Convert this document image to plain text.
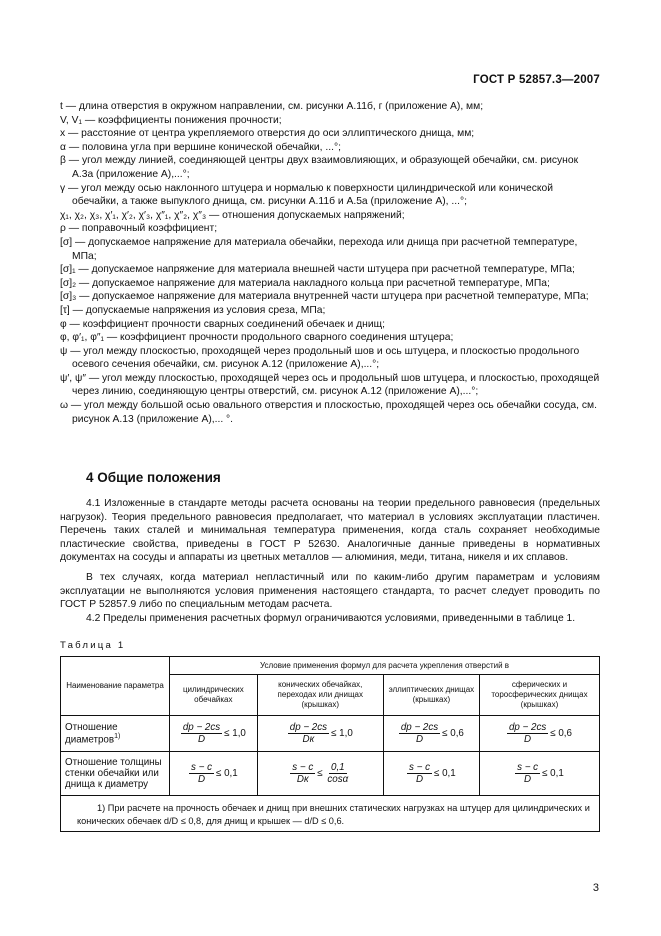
ГОСТ Р 52857.3—2007

t — длина отверстия в окружном направлении, см. рисунки А.11б, г (приложение А), мм;

V, V₁ — коэффициенты понижения прочности;

x — расстояние от центра укрепляемого отверстия до оси эллиптического днища, мм;

α — половина угла при вершине конической обечайки, ...°;

β — угол между линией, соединяющей центры двух взаимовлияющих, и образующей обечайки, см. рисунок А.3а (приложение А),...°;

γ — угол между осью наклонного штуцера и нормалью к поверхности цилиндрической или конической обечайки, а также выпуклого днища, см. рисунки А.11б и А.5а (приложение А), ...°;

χ₁, χ₂, χ₃, χ′₁, χ′₂, χ′₃, χ″₁, χ″₂, χ″₃ — отношения допускаемых напряжений;

ρ — поправочный коэффициент;

[σ] — допускаемое напряжение для материала обечайки, перехода или днища при расчетной температуре, МПа;

[σ]₁ — допускаемое напряжение для материала внешней части штуцера при расчетной температуре, МПа;

[σ]₂ — допускаемое напряжение для материала накладного кольца при расчетной температуре, МПа;

[σ]₃ — допускаемое напряжение для материала внутренней части штуцера при расчетной температуре, МПа;

[τ] — допускаемые напряжения из условия среза, МПа;

φ — коэффициент прочности сварных соединений обечаек и днищ;

φ, φ′₁, φ″₁ — коэффициент прочности продольного сварного соединения штуцера;

ψ — угол между плоскостью, проходящей через продольный шов и ось штуцера, и плоскостью продольного осевого сечения обечайки, см. рисунок А.12 (приложение А),...°;

ψ′, ψ″ — угол между плоскостью, проходящей через ось и продольный шов штуцера, и плоскостью, проходящей через линию, соединяющую центры отверстий, см. рисунок А.12 (приложение А),...°;

ω — угол между большой осью овального отверстия и плоскостью, проходящей через ось обечайки сосуда, см. рисунок А.13 (приложение А),... °.

4 Общие положения

4.1 Изложенные в стандарте методы расчета основаны на теории предельного равновесия (предельных нагрузок). Теория предельного равновесия предполагает, что материал в условиях эксплуатации пластичен. Перечень таких сталей и минимальная температура применения, когда сталь сохраняет необходимые пластические свойства, приведены в ГОСТ Р 52630. Аналогичные данные приведены в нормативных документах на сосуды и аппараты из цветных металлов — алюминия, меди, титана, никеля и их сплавов.

В тех случаях, когда материал непластичный или по каким-либо другим параметрам и условиям эксплуатации не выполняются условия применения настоящего стандарта, то расчет следует проводить по ГОСТ Р 52857.9 либо по специальным методам расчета.

4.2 Пределы применения расчетных формул ограничиваются условиями, приведенными в таблице 1.

Таблица 1
Наименование параметра	Условие применения формул для расчета укрепления отверстий в			
	цилиндрических обечайках	конических обечайках, переходах или днищах (крышках)	эллиптических днищах (крышках)	сферических и торосферических днищах (крышках)
Отношение диаметров$^{1)}$	$\frac{dр - 2cs}{D} \le 1,0$	$\frac{dр - 2cs}{Dк} \le 1,0$	$\frac{dр - 2cs}{D} \le 0,6$	$\frac{dр - 2cs}{D} \le 0,6$
Отношение толщины стенки обечайки или днища к диаметру	$\frac{s - c}{D} \le 0,1$	$\frac{s - c}{Dк} \le \frac{0,1}{\cos\alpha}$	$\frac{s - c}{D} \le 0,1$	$\frac{s - c}{D} \le 0,1$
1) При расчете на прочность обечаек и днищ при внешних статических нагрузках на штуцер для цилиндрических и конических обечаек d/D ≤ 0,8, для днищ и крышек — d/D ≤ 0,6.				
3
